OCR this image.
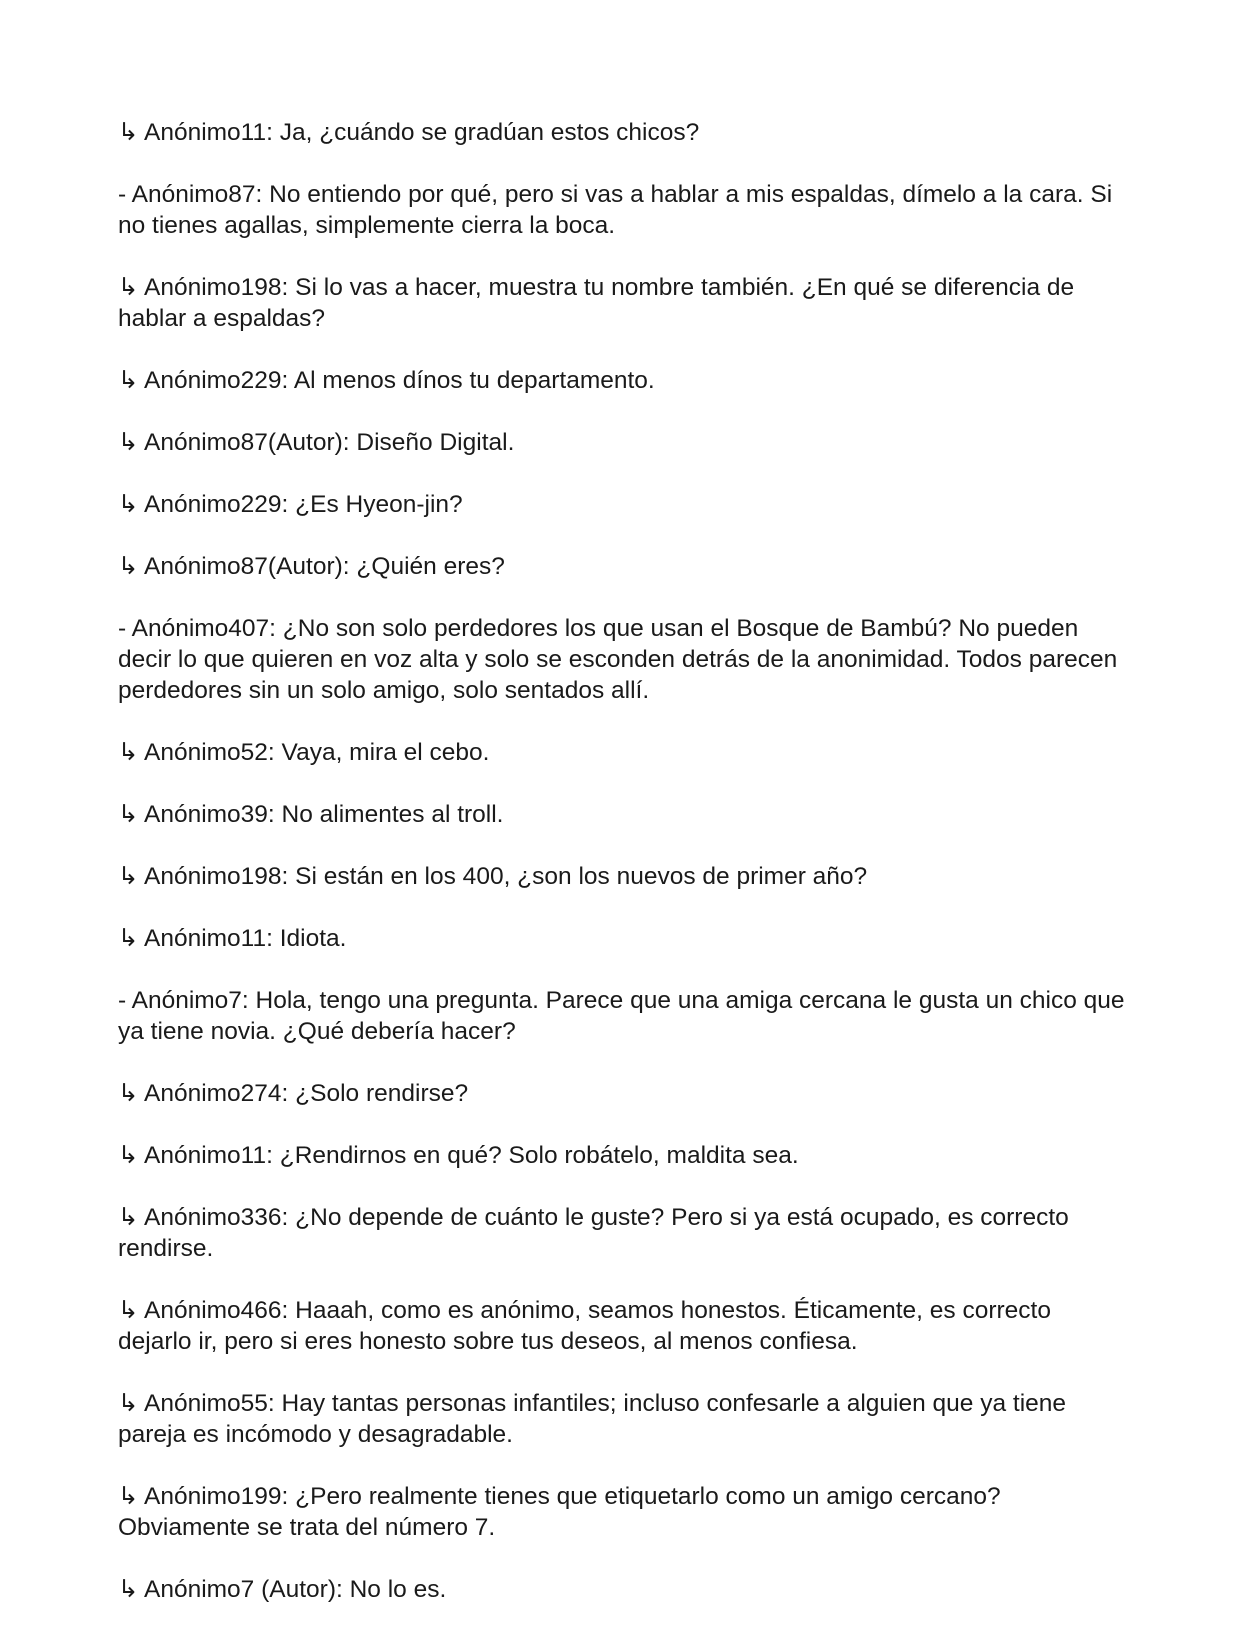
↳ Anónimo11: Ja, ¿cuándo se gradúan estos chicos?

- Anónimo87: No entiendo por qué, pero si vas a hablar a mis espaldas, dímelo a la cara. Si no tienes agallas, simplemente cierra la boca.

↳ Anónimo198: Si lo vas a hacer, muestra tu nombre también. ¿En qué se diferencia de hablar a espaldas?

↳ Anónimo229: Al menos dínos tu departamento.

↳ Anónimo87(Autor): Diseño Digital.

↳ Anónimo229: ¿Es Hyeon-jin?

↳ Anónimo87(Autor): ¿Quién eres?

- Anónimo407: ¿No son solo perdedores los que usan el Bosque de Bambú? No pueden decir lo que quieren en voz alta y solo se esconden detrás de la anonimidad. Todos parecen perdedores sin un solo amigo, solo sentados allí.

↳ Anónimo52: Vaya, mira el cebo.

↳ Anónimo39: No alimentes al troll.

↳ Anónimo198: Si están en los 400, ¿son los nuevos de primer año?

↳ Anónimo11: Idiota.

- Anónimo7: Hola, tengo una pregunta. Parece que una amiga cercana le gusta un chico que ya tiene novia. ¿Qué debería hacer?

↳ Anónimo274: ¿Solo rendirse?

↳ Anónimo11: ¿Rendirnos en qué? Solo robátelo, maldita sea.

↳ Anónimo336: ¿No depende de cuánto le guste? Pero si ya está ocupado, es correcto rendirse.

↳ Anónimo466: Haaah, como es anónimo, seamos honestos. Éticamente, es correcto dejarlo ir, pero si eres honesto sobre tus deseos, al menos confiesa.

↳ Anónimo55: Hay tantas personas infantiles; incluso confesarle a alguien que ya tiene pareja es incómodo y desagradable.

↳ Anónimo199: ¿Pero realmente tienes que etiquetarlo como un amigo cercano? Obviamente se trata del número 7.

↳ Anónimo7 (Autor): No lo es.
